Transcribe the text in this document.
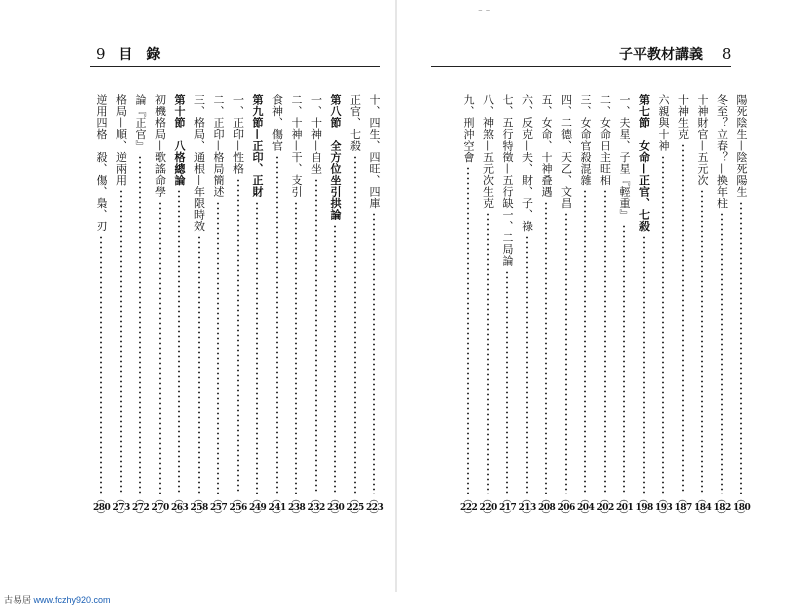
9 目　錄
十、四生、四旺、四庫
︵
223
︶
正官、七殺
︵
225
︶
第八節　全方位坐引拱論
︵
230
︶
一、十神—自坐
︵
232
︶
二、十神—干、支引
︵
238
︶
食神、傷官
︵
241
︶
第九節—正印、正財
︵
249
︶
一、正印—性格
︵
256
︶
二、正印—格局簡述
︵
257
︶
三、格局、通根—年限時效
︵
258
︶
第十節　八格總論
︵
263
︶
初機格局—歌謠命學
︵
270
︶
論『正官』
︵
272
︶
格局—順、逆兩用
︵
273
︶
逆用四格　殺、傷、梟、刃
︵
280
︶
子平教材講義 8
陽死陰生—陰死陽生
︵
180
︶
冬至？立春？—換年柱
︵
182
︶
十神財官—五元次
︵
184
︶
十神生克
︵
187
︶
六親與十神
︵
193
︶
第七節　女命—正官、七殺
︵
198
︶
一、夫星、子星『輕重』
︵
201
︶
二、女命日主旺相
︵
202
︶
三、女命官殺混雜
︵
204
︶
四、二德、天乙、文昌
︵
206
︶
五、女命、十神叠遇
︵
208
︶
六、反克—夫、財、子、祿
︵
213
︶
七、五行特徵—五行缺一、二局論
︵
217
︶
八、神煞—五元次生克
︵
220
︶
九、刑沖空會
︵
222
︶
⁻ ⁻
古易居 www.fczhy920.com
